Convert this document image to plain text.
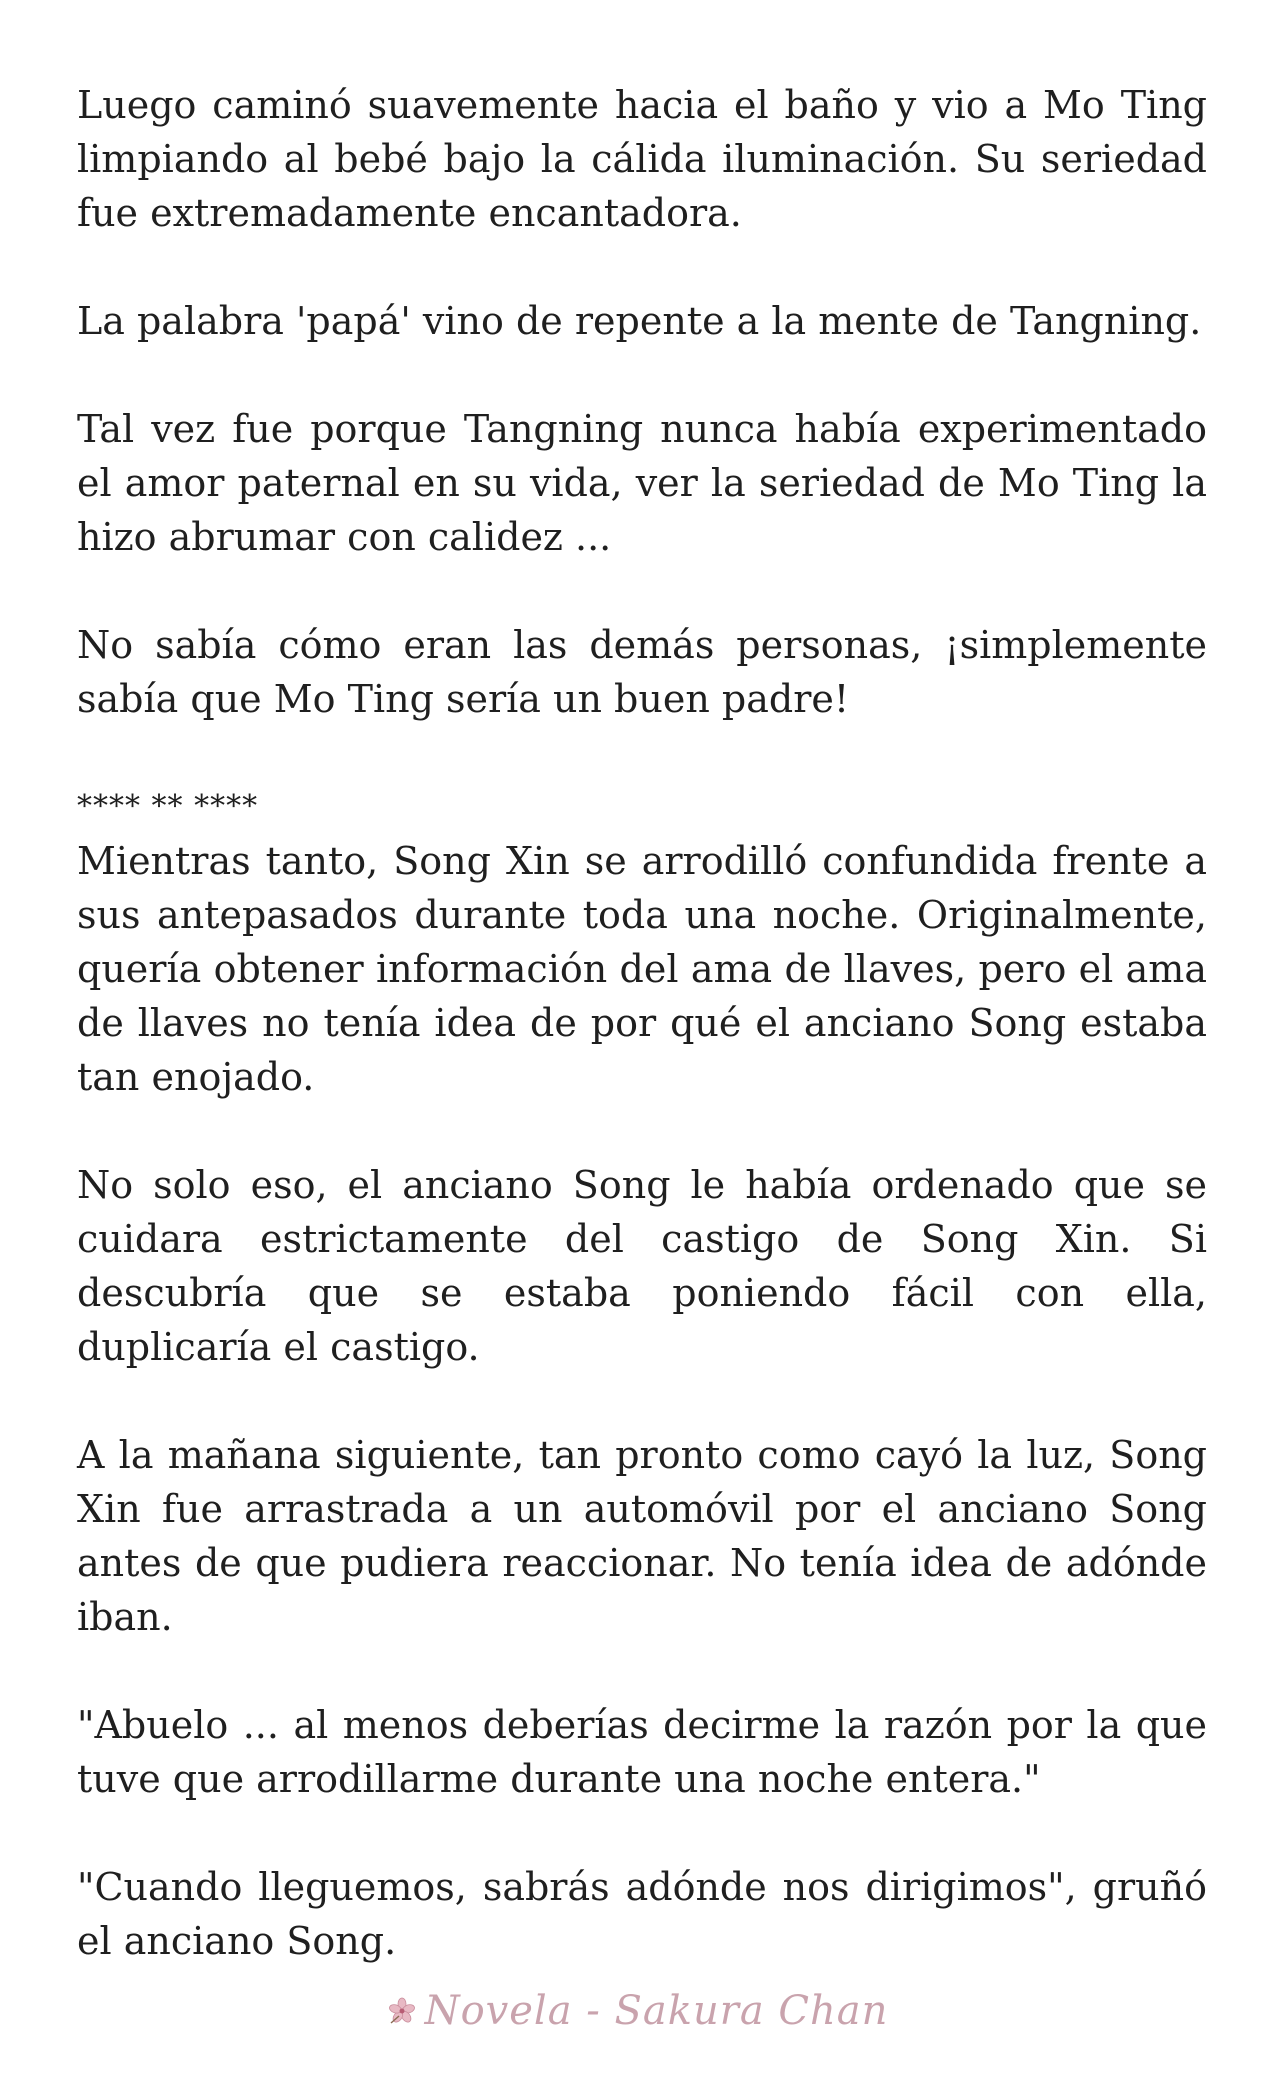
Luego caminó suavemente hacia el baño y vio a Mo Ting limpiando al bebé bajo la cálida iluminación. Su seriedad fue extremadamente encantadora.

La palabra 'papá' vino de repente a la mente de Tangning.

Tal vez fue porque Tangning nunca había experimentado el amor paternal en su vida, ver la seriedad de Mo Ting la hizo abrumar con calidez ...

No sabía cómo eran las demás personas, ¡simplemente sabía que Mo Ting sería un buen padre!

**** ** ****

Mientras tanto, Song Xin se arrodilló confundida frente a sus antepasados durante toda una noche. Originalmente, quería obtener información del ama de llaves, pero el ama de llaves no tenía idea de por qué el anciano Song estaba tan enojado.

No solo eso, el anciano Song le había ordenado que se cuidara estrictamente del castigo de Song Xin. Si descubría que se estaba poniendo fácil con ella, duplicaría el castigo.

A la mañana siguiente, tan pronto como cayó la luz, Song Xin fue arrastrada a un automóvil por el anciano Song antes de que pudiera reaccionar. No tenía idea de adónde iban.

"Abuelo ... al menos deberías decirme la razón por la que tuve que arrodillarme durante una noche entera."

"Cuando lleguemos, sabrás adónde nos dirigimos", gruñó el anciano Song.

Novela - Sakura Chan
